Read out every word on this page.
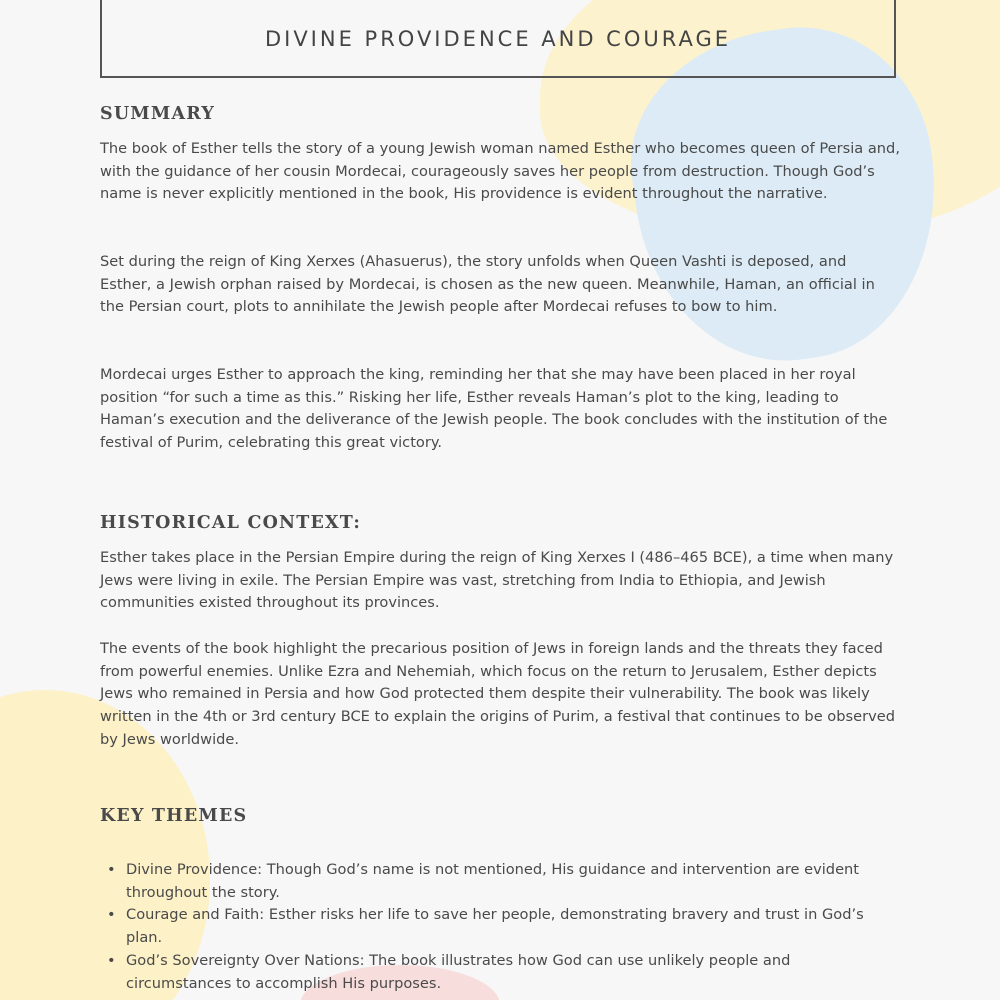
DIVINE PROVIDENCE AND COURAGE
SUMMARY

The book of Esther tells the story of a young Jewish woman named Esther who becomes queen of Persia and, with the guidance of her cousin Mordecai, courageously saves her people from destruction. Though God’s name is never explicitly mentioned in the book, His providence is evident throughout the narrative.

Set during the reign of King Xerxes (Ahasuerus), the story unfolds when Queen Vashti is deposed, and Esther, a Jewish orphan raised by Mordecai, is chosen as the new queen. Meanwhile, Haman, an official in the Persian court, plots to annihilate the Jewish people after Mordecai refuses to bow to him.

Mordecai urges Esther to approach the king, reminding her that she may have been placed in her royal position “for such a time as this.” Risking her life, Esther reveals Haman’s plot to the king, leading to Haman’s execution and the deliverance of the Jewish people. The book concludes with the institution of the festival of Purim, celebrating this great victory.

HISTORICAL CONTEXT:

Esther takes place in the Persian Empire during the reign of King Xerxes I (486–465 BCE), a time when many Jews were living in exile. The Persian Empire was vast, stretching from India to Ethiopia, and Jewish communities existed throughout its provinces.

The events of the book highlight the precarious position of Jews in foreign lands and the threats they faced from powerful enemies. Unlike Ezra and Nehemiah, which focus on the return to Jerusalem, Esther depicts Jews who remained in Persia and how God protected them despite their vulnerability. The book was likely written in the 4th or 3rd century BCE to explain the origins of Purim, a festival that continues to be observed by Jews worldwide.

KEY THEMES
• Divine Providence: Though God’s name is not mentioned, His guidance and intervention are evident throughout the story.
• Courage and Faith: Esther risks her life to save her people, demonstrating bravery and trust in God’s plan.
• God’s Sovereignty Over Nations: The book illustrates how God can use unlikely people and circumstances to accomplish His purposes.
